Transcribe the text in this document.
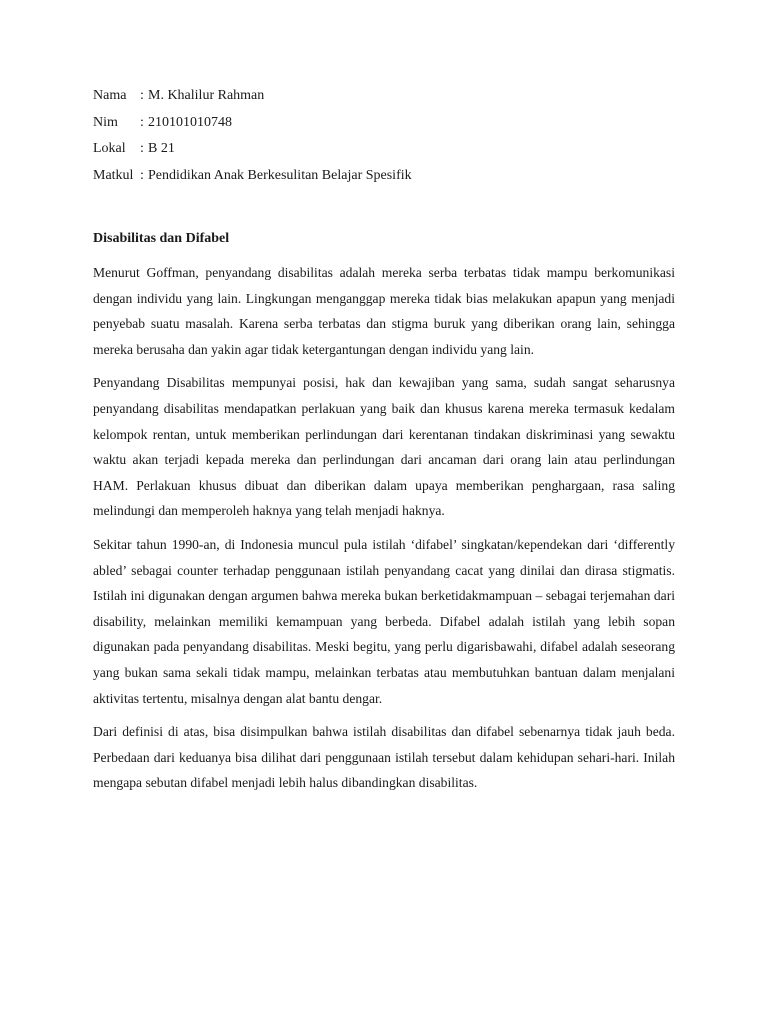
Nama : M. Khalilur Rahman
Nim	: 210101010748
Lokal	: B 21
Matkul : Pendidikan Anak Berkesulitan Belajar Spesifik
Disabilitas dan Difabel

Menurut Goffman, penyandang disabilitas adalah mereka serba terbatas tidak mampu berkomunikasi dengan individu yang lain. Lingkungan menganggap mereka tidak bias melakukan apapun yang menjadi penyebab suatu masalah. Karena serba terbatas dan stigma buruk yang diberikan orang lain, sehingga mereka berusaha dan yakin agar tidak ketergantungan dengan individu yang lain.

Penyandang Disabilitas mempunyai posisi, hak dan kewajiban yang sama, sudah sangat seharusnya penyandang disabilitas mendapatkan perlakuan yang baik dan khusus karena mereka termasuk kedalam kelompok rentan, untuk memberikan perlindungan dari kerentanan tindakan diskriminasi yang sewaktu waktu akan terjadi kepada mereka dan perlindungan dari ancaman dari orang lain atau perlindungan HAM. Perlakuan khusus dibuat dan diberikan dalam upaya memberikan penghargaan, rasa saling melindungi dan memperoleh haknya yang telah menjadi haknya.

Sekitar tahun 1990-an, di Indonesia muncul pula istilah ‘difabel’ singkatan/kependekan dari ‘differently abled’ sebagai counter terhadap penggunaan istilah penyandang cacat yang dinilai dan dirasa stigmatis. Istilah ini digunakan dengan argumen bahwa mereka bukan berketidakmampuan – sebagai terjemahan dari disability, melainkan memiliki kemampuan yang berbeda. Difabel adalah istilah yang lebih sopan digunakan pada penyandang disabilitas. Meski begitu, yang perlu digarisbawahi, difabel adalah seseorang yang bukan sama sekali tidak mampu, melainkan terbatas atau membutuhkan bantuan dalam menjalani aktivitas tertentu, misalnya dengan alat bantu dengar.

Dari definisi di atas, bisa disimpulkan bahwa istilah disabilitas dan difabel sebenarnya tidak jauh beda. Perbedaan dari keduanya bisa dilihat dari penggunaan istilah tersebut dalam kehidupan sehari-hari. Inilah mengapa sebutan difabel menjadi lebih halus dibandingkan disabilitas.
